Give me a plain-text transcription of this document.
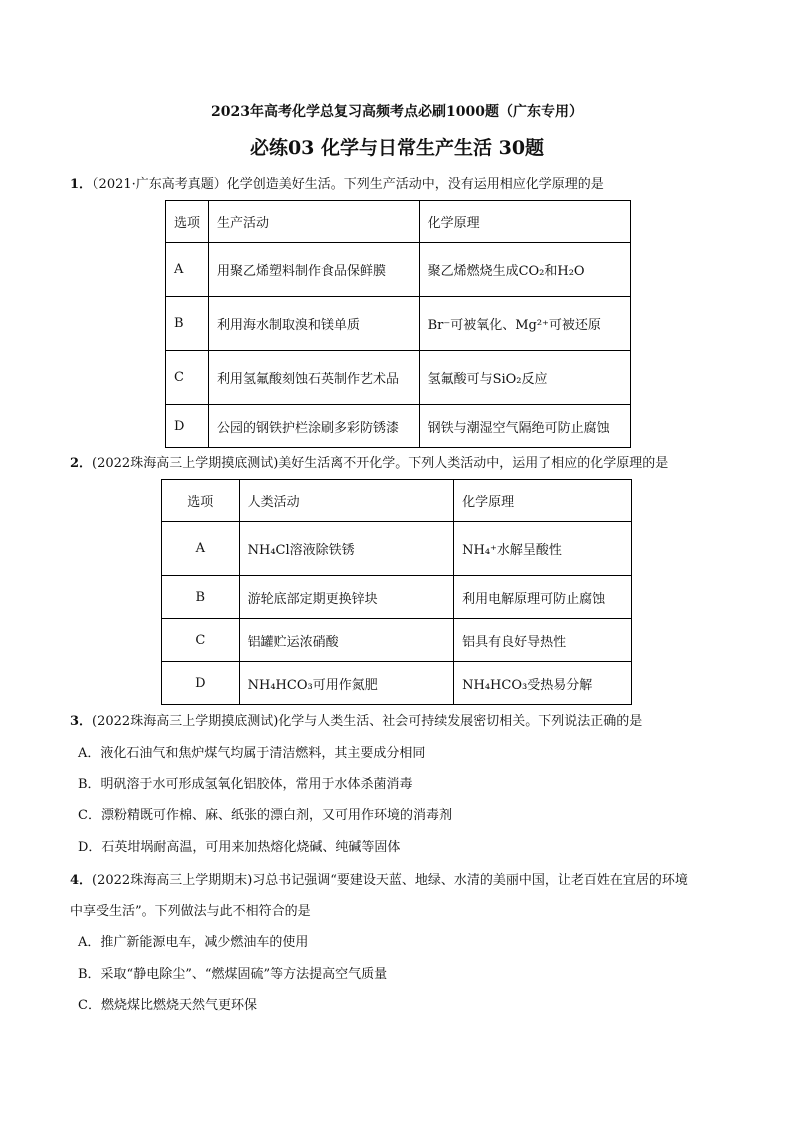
2023年高考化学总复习高频考点必刷1000题（广东专用）
必练03 化学与日常生产生活 30题
1．（2021·广东高考真题）化学创造美好生活。下列生产活动中，没有运用相应化学原理的是
选项	生产活动	化学原理
A	用聚乙烯塑料制作食品保鲜膜	聚乙烯燃烧生成CO₂和H₂O
B	利用海水制取溴和镁单质	Br⁻可被氧化、Mg²⁺可被还原
C	利用氢氟酸刻蚀石英制作艺术品	氢氟酸可与SiO₂反应
D	公园的钢铁护栏涂刷多彩防锈漆	钢铁与潮湿空气隔绝可防止腐蚀
2．(2022珠海高三上学期摸底测试)美好生活离不开化学。下列人类活动中，运用了相应的化学原理的是
选项	人类活动	化学原理
A	NH₄Cl溶液除铁锈	NH₄⁺水解呈酸性
B	游轮底部定期更换锌块	利用电解原理可防止腐蚀
C	铝罐贮运浓硝酸	铝具有良好导热性
D	NH₄HCO₃可用作氮肥	NH₄HCO₃受热易分解
3．(2022珠海高三上学期摸底测试)化学与人类生活、社会可持续发展密切相关。下列说法正确的是
A．液化石油气和焦炉煤气均属于清洁燃料，其主要成分相同
B．明矾溶于水可形成氢氧化铝胶体，常用于水体杀菌消毒
C．漂粉精既可作棉、麻、纸张的漂白剂，又可用作环境的消毒剂
D．石英坩埚耐高温，可用来加热熔化烧碱、纯碱等固体
4．(2022珠海高三上学期期末)习总书记强调“要建设天蓝、地绿、水清的美丽中国，让老百姓在宜居的环境
中享受生活”。下列做法与此不相符合的是
A．推广新能源电车，减少燃油车的使用
B．采取“静电除尘”、“燃煤固硫”等方法提高空气质量
C．燃烧煤比燃烧天然气更环保
